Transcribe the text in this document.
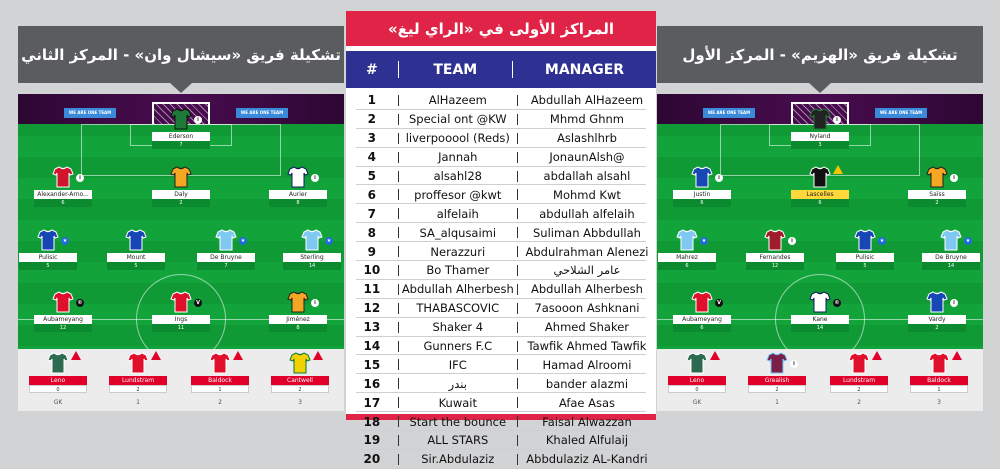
تشكيلة فريق «سيشال وان» - المركز الثاني
WE ARE ONE TEAM	WE ARE ONE TEAM
Leno
0
Lundstram
2
Baldock
1
Cantwell
2
GK	1	2	3
i
Ederson
7
i
Alexander-Arno...
6
Daly
2
i
Aurier
8
★
Pulisic
5
Mount
5
★
De Bruyne
7
★
Sterling
14
©
Aubameyang
12
V
Ings
11
i
Jiménez
8
تشكيلة فريق «الهزيم» - المركز الأول
WE ARE ONE TEAM	WE ARE ONE TEAM
Leno
0
i
Grealish
2
Lundstram
2
Baldock
1
GK	1	2	3
i
Nyland
3
i
Justin
6
Lascelles
6
i
Saïss
2
★
Mahrez
6
i
Fernandes
12
★
Pulisic
5
★
De Bruyne
14
V
Aubameyang
6
©
Kane
14
i
Vardy
2
المراكز الأولى في «الراي ليغ»
#	TEAM	MANAGER
1	AlHazeem	Abdullah AlHazeem
2	Special ont @KW	Mhmd Ghnm
3	liverpooool (Reds)	Aslashlhrb
4	Jannah	JonaunAlsh@
5	alsahl28	abdallah alsahl
6	proffesor @kwt	Mohmd Kwt
7	alfelaih	abdullah alfelaih
8	SA_alqusaimi	Suliman Abbdullah
9	Nerazzuri	Abdulrahman Alenezi
10	Bo Thamer	عامر الشلاحي
11	Abdullah Alherbesh	Abdullah Alherbesh
12	THABASCOVIC	7asooon Ashknani
13	Shaker 4	Ahmed Shaker
14	Gunners F.C	Tawfik Ahmed Tawfik
15	IFC	Hamad Alroomi
16	بندر	bander alazmi
17	Kuwait	Afae Asas
18	Start the bounce	Faisal Alwazzan
19	ALL STARS	Khaled Alfulaij
20	Sir.Abdulaziz	Abbdulaziz AL-Kandri
